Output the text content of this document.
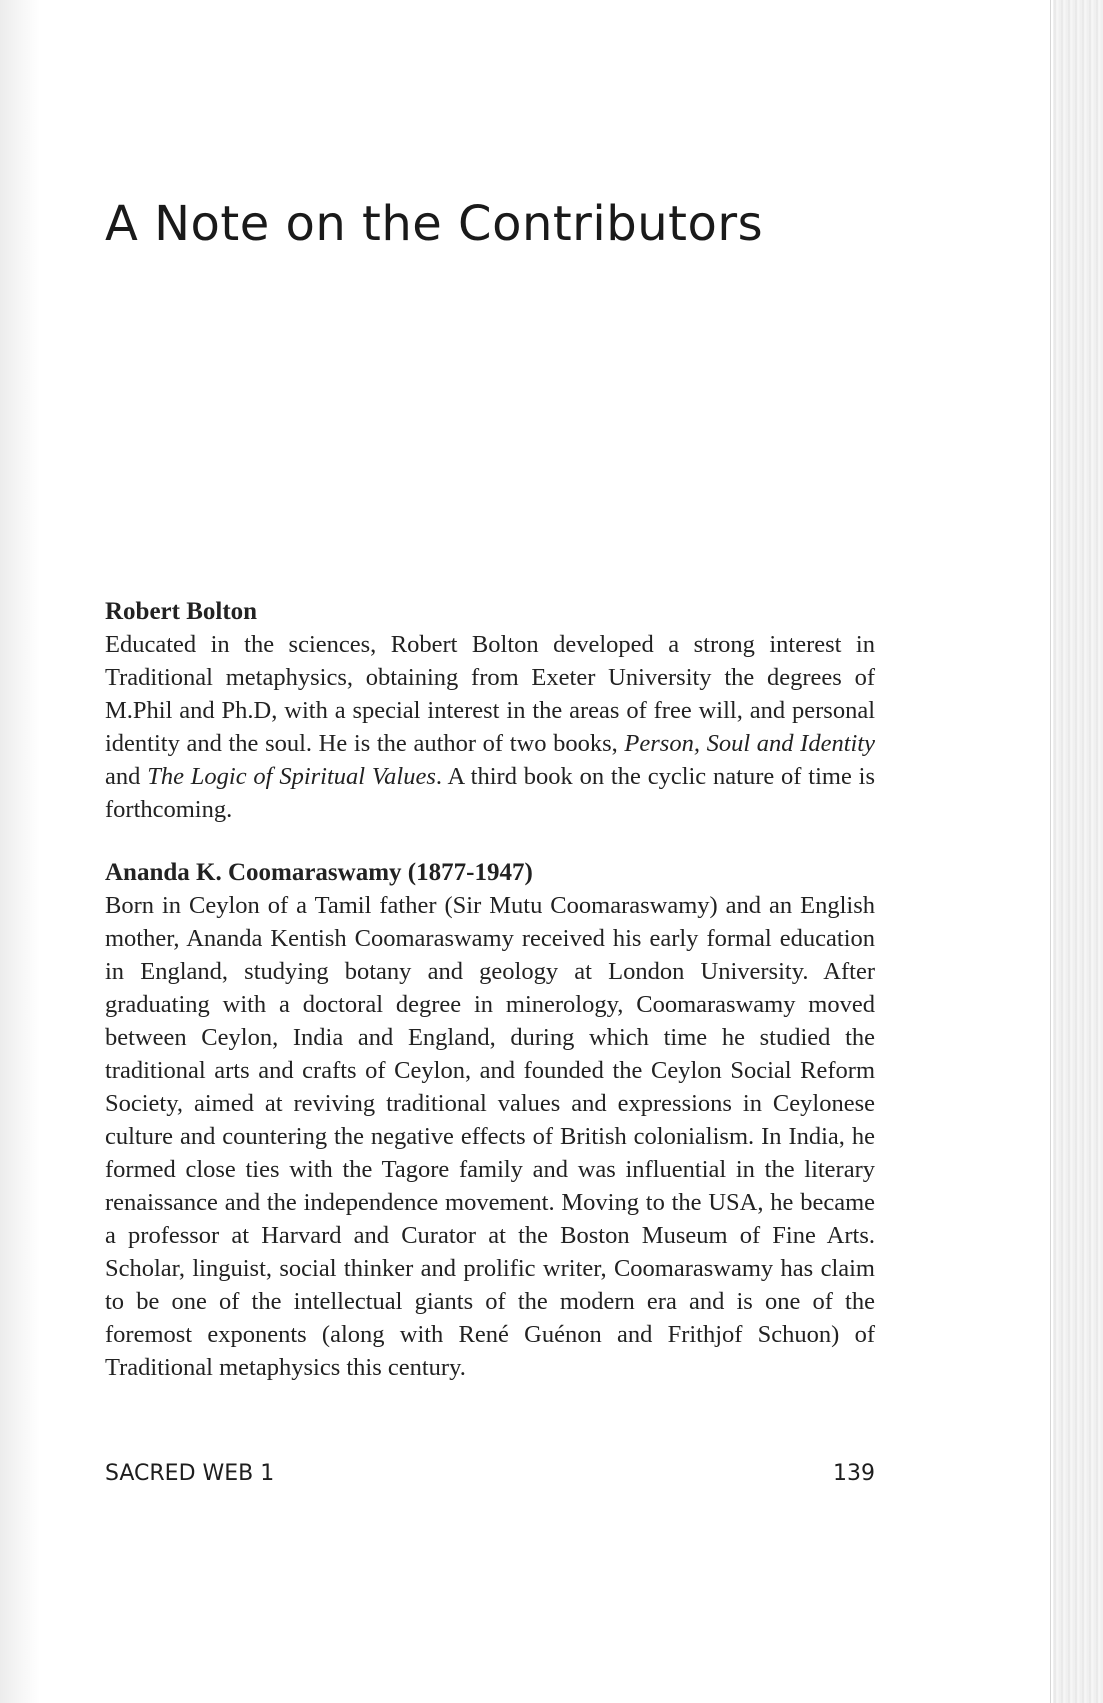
A Note on the Contributors

Robert Bolton

Educated in the sciences, Robert Bolton developed a strong interest in Traditional metaphysics, obtaining from Exeter University the degrees of M.Phil and Ph.D, with a special interest in the areas of free will, and personal identity and the soul. He is the author of two books, Person, Soul and Identity and The Logic of Spiritual Values. A third book on the cyclic nature of time is forthcoming.

Ananda K. Coomaraswamy (1877-1947)

Born in Ceylon of a Tamil father (Sir Mutu Coomaraswamy) and an English mother, Ananda Kentish Coomaraswamy received his early formal education in England, studying botany and geology at London University. After graduating with a doctoral degree in minerology, Coomaraswamy moved between Ceylon, India and England, during which time he studied the traditional arts and crafts of Ceylon, and founded the Ceylon Social Reform Society, aimed at reviving traditional values and expressions in Ceylonese culture and countering the negative effects of British colonialism. In India, he formed close ties with the Tagore family and was influential in the literary renaissance and the independence movement. Moving to the USA, he became a professor at Harvard and Curator at the Boston Museum of Fine Arts. Scholar, linguist, social thinker and prolific writer, Coomaraswamy has claim to be one of the intellectual giants of the modern era and is one of the foremost exponents (along with René Guénon and Frithjof Schuon) of Traditional metaphysics this century.

SACRED WEB 1	139
